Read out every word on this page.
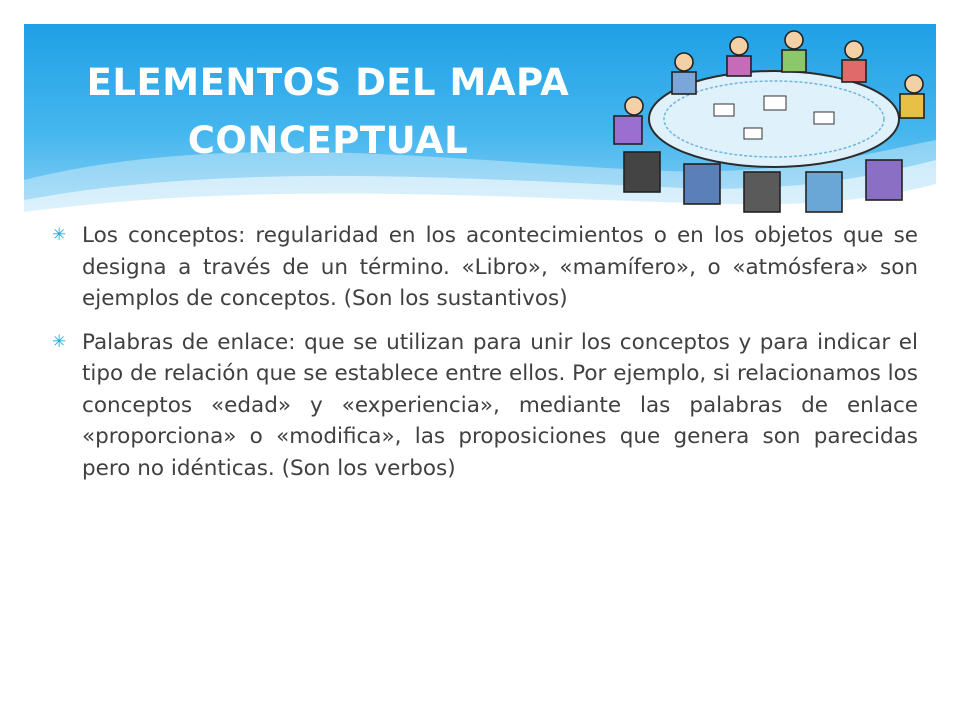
ELEMENTOS DEL MAPA
CONCEPTUAL
✳ Los conceptos: regularidad en los acontecimientos o en los objetos que se designa a través de un término. «Libro», «mamífero», o «atmósfera» son ejemplos de conceptos. (Son los sustantivos)
✳ Palabras de enlace: que se utilizan para unir los conceptos y para indicar el tipo de relación que se establece entre ellos. Por ejemplo, si relacionamos los conceptos «edad» y «experiencia», mediante las palabras de enlace «proporciona» o «modifica», las proposiciones que genera son parecidas pero no idénticas. (Son los verbos)
